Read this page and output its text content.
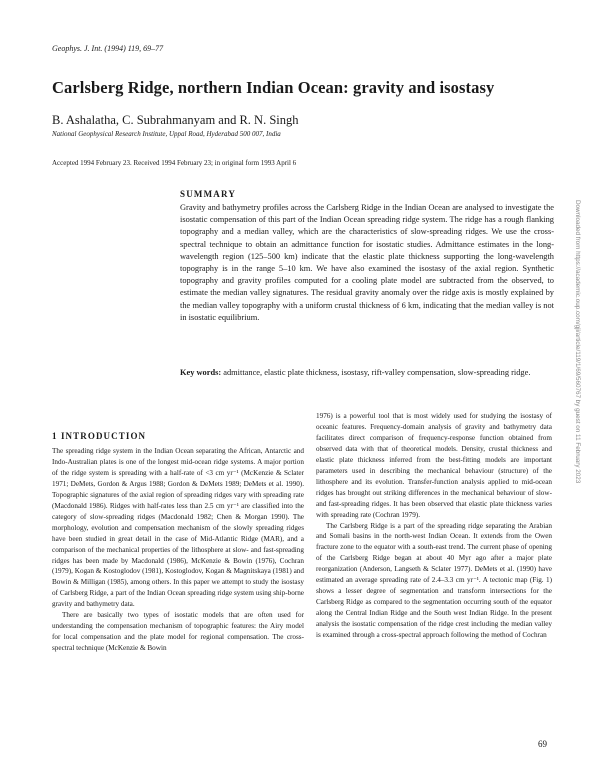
Geophys. J. Int. (1994) 119, 69–77
Carlsberg Ridge, northern Indian Ocean: gravity and isostasy
B. Ashalatha, C. Subrahmanyam and R. N. Singh
National Geophysical Research Institute, Uppal Road, Hyderabad 500 007, India
Accepted 1994 February 23. Received 1994 February 23; in original form 1993 April 6
SUMMARY

Gravity and bathymetry profiles across the Carlsberg Ridge in the Indian Ocean are analysed to investigate the isostatic compensation of this part of the Indian Ocean spreading ridge system. The ridge has a rough flanking topography and a median valley, which are the characteristics of slow-spreading ridges. We use the cross-spectral technique to obtain an admittance function for isostatic studies. Admittance estimates in the long-wavelength region (125–500 km) indicate that the elastic plate thickness supporting the long-wavelength topography is in the range 5–10 km. We have also examined the isostasy of the axial region. Synthetic topography and gravity profiles computed for a cooling plate model are subtracted from the observed, to estimate the median valley signatures. The residual gravity anomaly over the ridge axis is mostly explained by the median valley topography with a uniform crustal thickness of 6 km, indicating that the median valley is not in isostatic equilibrium.

Key words: admittance, elastic plate thickness, isostasy, rift-valley compensation, slow-spreading ridge.

1 INTRODUCTION

The spreading ridge system in the Indian Ocean separating the African, Antarctic and Indo-Australian plates is one of the longest mid-ocean ridge systems. A major portion of the ridge system is spreading with a half-rate of <3 cm yr⁻¹ (McKenzie & Sclater 1971; DeMets, Gordon & Argus 1988; Gordon & DeMets 1989; DeMets et al. 1990). Topographic signatures of the axial region of spreading ridges vary with spreading rate (Macdonald 1986). Ridges with half-rates less than 2.5 cm yr⁻¹ are classified into the category of slow-spreading ridges (Macdonald 1982; Chen & Morgan 1990). The morphology, evolution and compensation mechanism of the slowly spreading ridges have been studied in great detail in the case of Mid-Atlantic Ridge (MAR), and a comparison of the mechanical properties of the lithosphere at slow- and fast-spreading ridges has been made by Macdonald (1986), McKenzie & Bowin (1976), Cochran (1979), Kogan & Kostoglodov (1981), Kostoglodov, Kogan & Magnitskaya (1981) and Bowin & Milligan (1985), among others. In this paper we attempt to study the isostasy of Carlsberg Ridge, a part of the Indian Ocean spreading ridge system using ship-borne gravity and bathymetry data.

There are basically two types of isostatic models that are often used for understanding the compensation mechanism of topographic features: the Airy model for local compensation and the plate model for regional compensation. The cross-spectral technique (McKenzie & Bowin

1976) is a powerful tool that is most widely used for studying the isostasy of oceanic features. Frequency-domain analysis of gravity and bathymetry data facilitates direct comparison of frequency-response function obtained from observed data with that of theoretical models. Density, crustal thickness and elastic plate thickness inferred from the best-fitting models are important parameters used in describing the mechanical behaviour (structure) of the lithosphere and its evolution. Transfer-function analysis applied to mid-ocean ridges has brought out striking differences in the mechanical behaviour of slow- and fast-spreading ridges. It has been observed that elastic plate thickness varies with spreading rate (Cochran 1979).

The Carlsberg Ridge is a part of the spreading ridge separating the Arabian and Somali basins in the north-west Indian Ocean. It extends from the Owen fracture zone to the equator with a south-east trend. The current phase of opening of the Carlsberg Ridge began at about 40 Myr ago after a major plate reorganization (Anderson, Langseth & Sclater 1977). DeMets et al. (1990) have estimated an average spreading rate of 2.4–3.3 cm yr⁻¹. A tectonic map (Fig. 1) shows a lesser degree of segmentation and transform intersections for the Carlsberg Ridge as compared to the segmentation occurring south of the equator along the Central Indian Ridge and the South west Indian Ridge. In the present analysis the isostatic compensation of the ridge crest including the median valley is examined through a cross-spectral approach following the method of Cochran

69
Downloaded from https://academic.oup.com/gji/article/119/1/69/560767 by guest on 11 February 2023
